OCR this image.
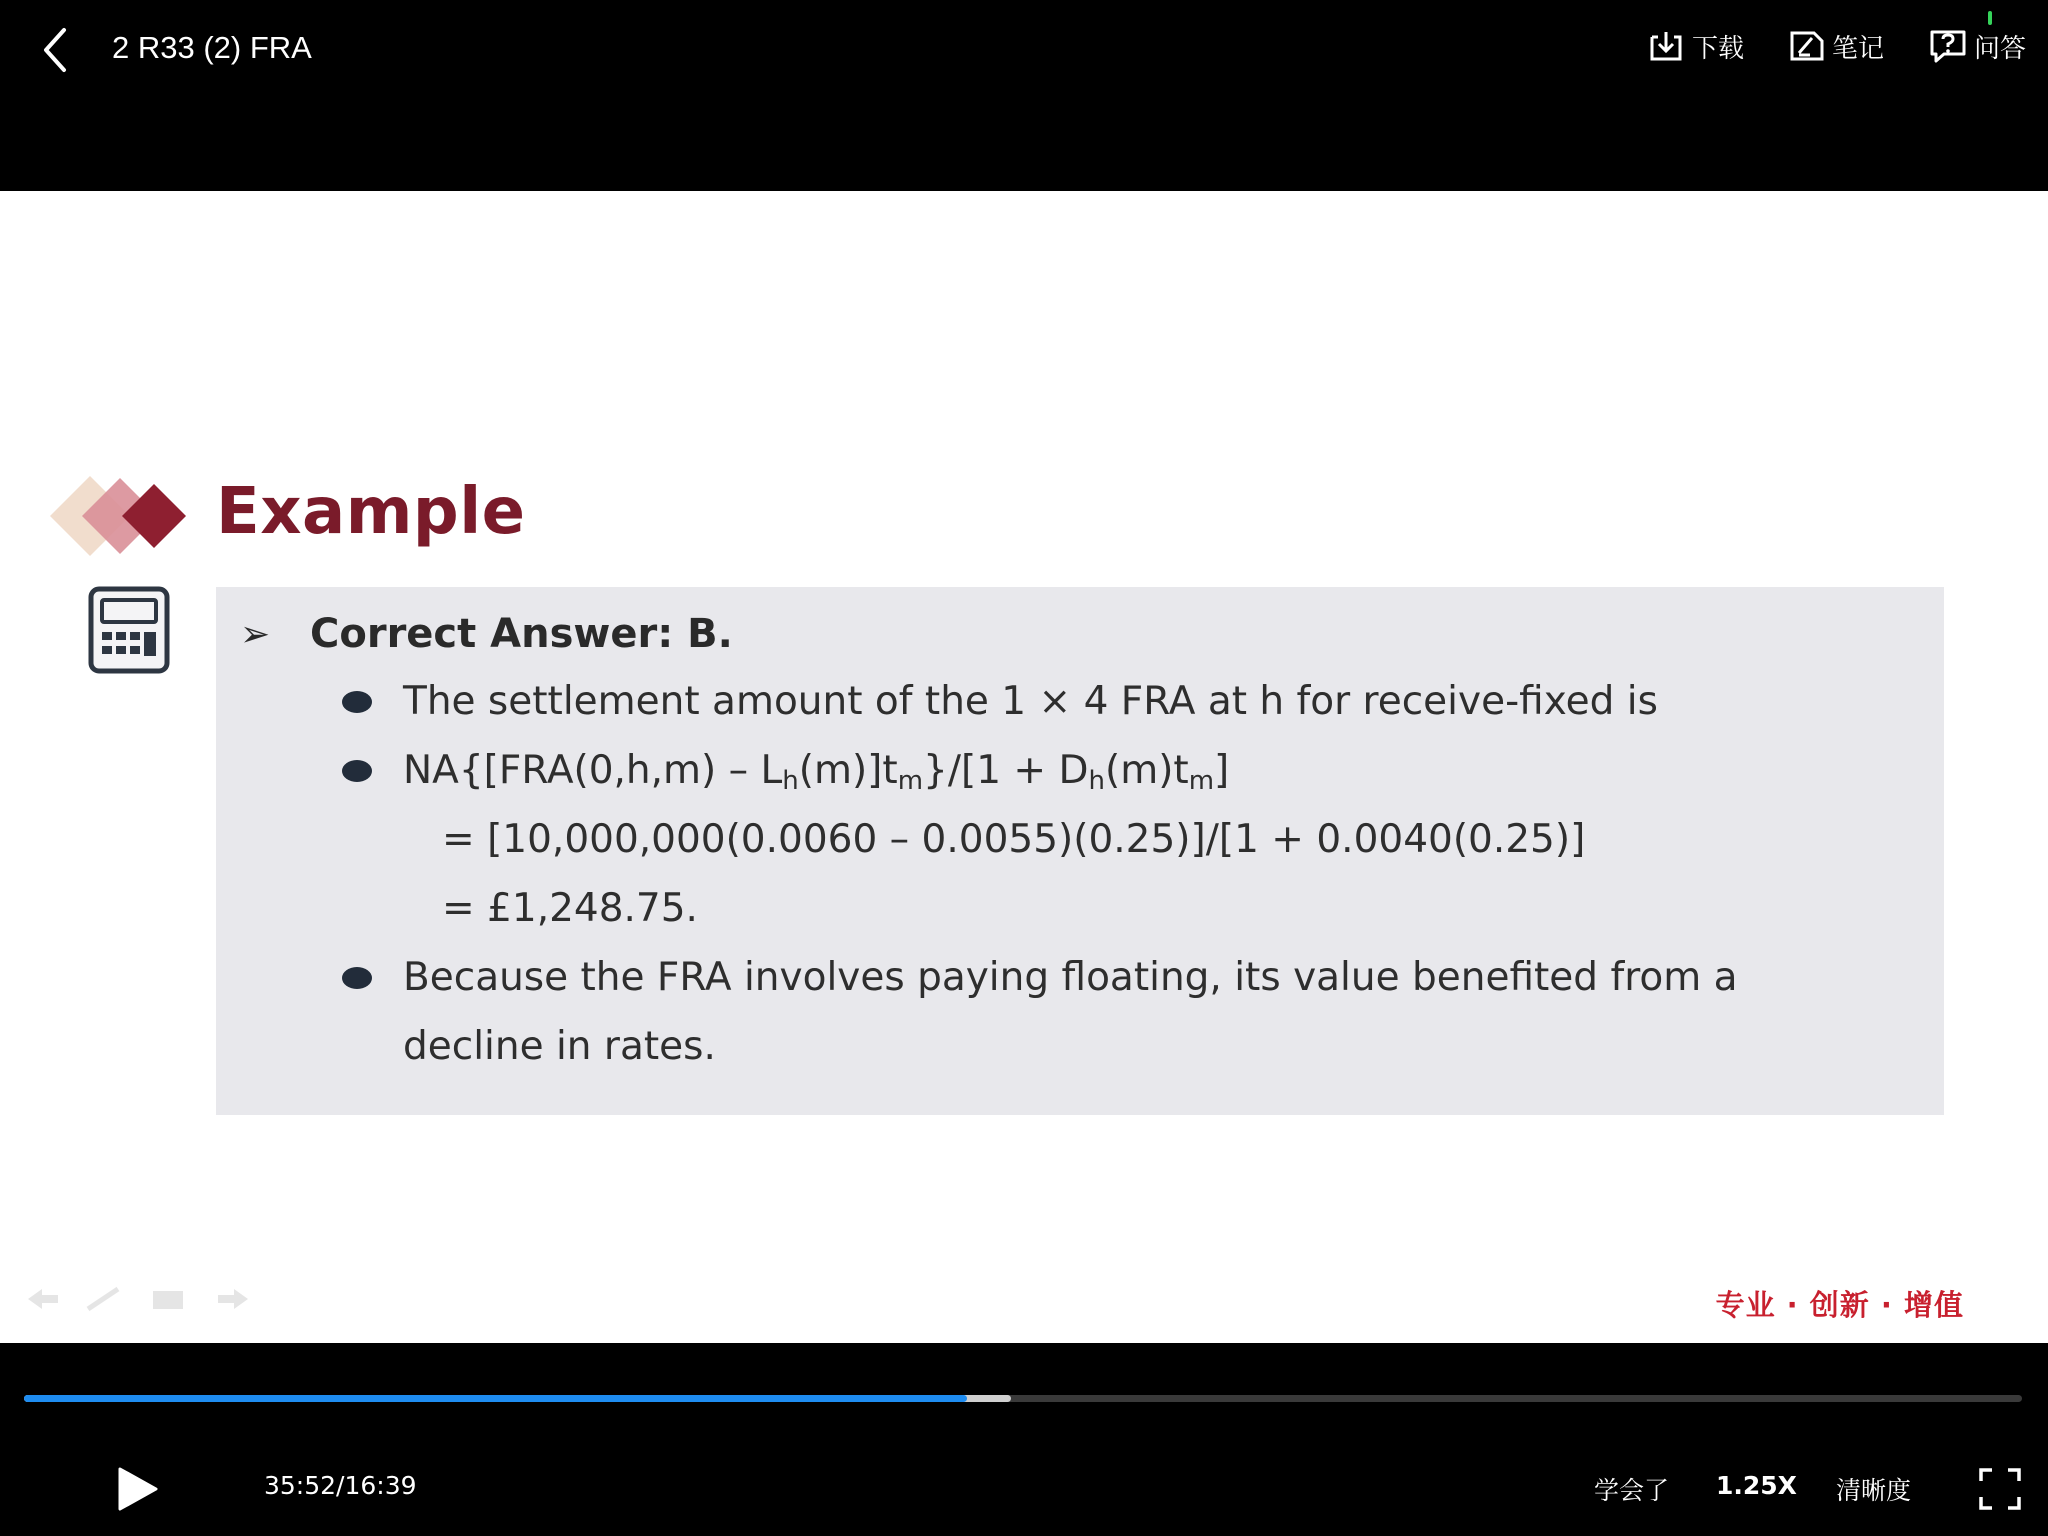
2 R33 (2) FRA	下载	笔记	问答
Example
➢ Correct Answer: B.
The settlement amount of the 1 × 4 FRA at h for receive-fixed is
$NA\{[FRA(0,h,m) - L_h(m)]t_m\}/[1 + D_h(m)t_m]$
= [10,000,000(0.0060 – 0.0055)(0.25)]/[1 + 0.0040(0.25)]
= £1,248.75.
Because the FRA involves paying floating, its value benefited from a
decline in rates.
专业 · 创新 · 增值
35:52/16:39	学会了 1.25X 清晰度
